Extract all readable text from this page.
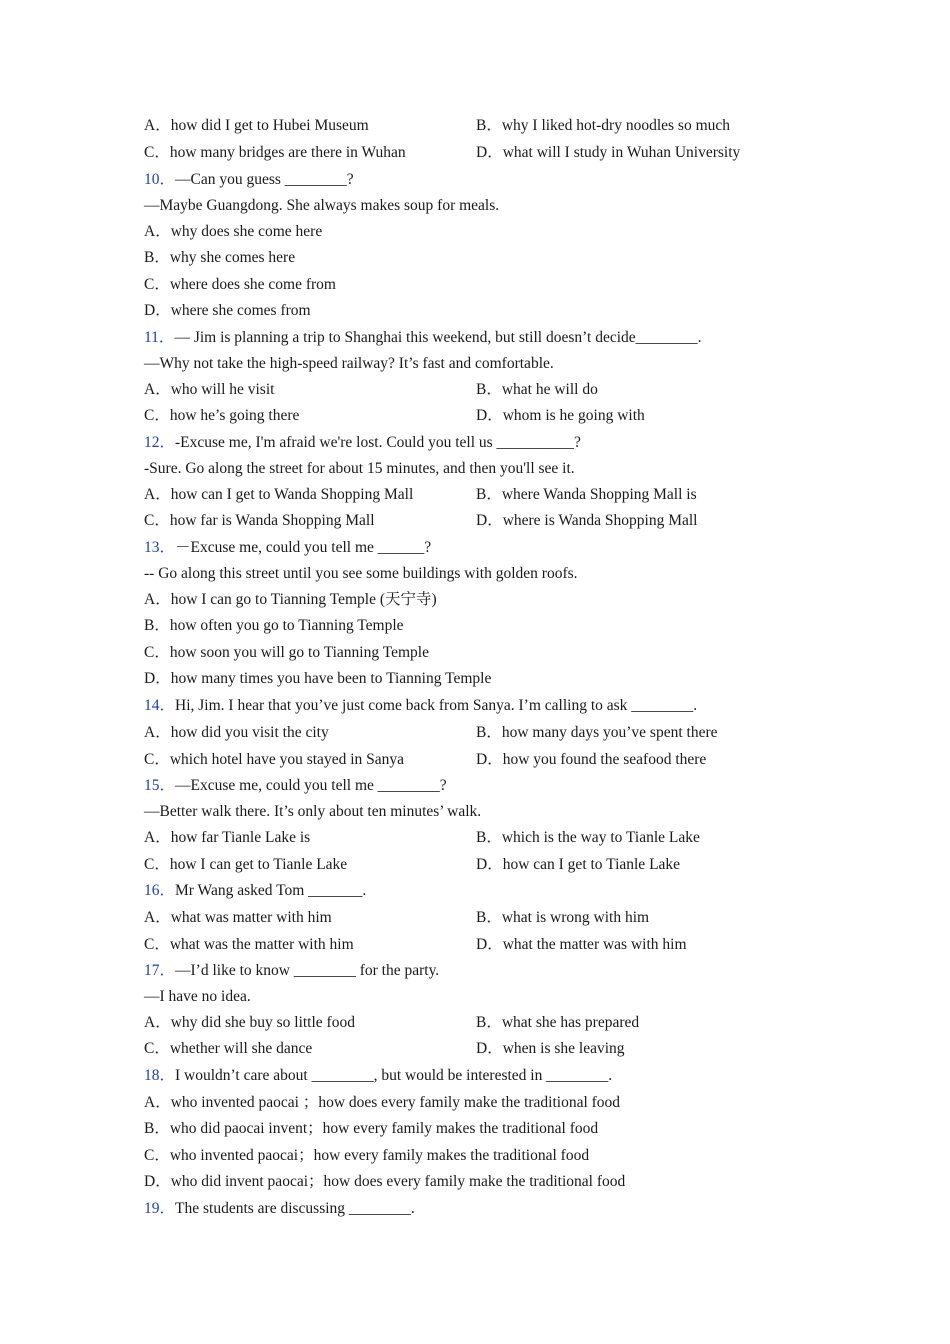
A．how did I get to Hubei Museum	B．why I liked hot-dry noodles so much
C．how many bridges are there in Wuhan	D．what will I study in Wuhan University
10．—Can you guess ________?
—Maybe Guangdong. She always makes soup for meals.
A．why does she come here
B．why she comes here
C．where does she come from
D．where she comes from
11．— Jim is planning a trip to Shanghai this weekend, but still doesn’t decide________.
—Why not take the high-speed railway? It’s fast and comfortable.
A．who will he visit	B．what he will do
C．how he’s going there	D．whom is he going with
12．-Excuse me, I'm afraid we're lost. Could you tell us __________?
-Sure. Go along the street for about 15 minutes, and then you'll see it.
A．how can I get to Wanda Shopping Mall	B．where Wanda Shopping Mall is
C．how far is Wanda Shopping Mall	D．where is Wanda Shopping Mall
13．－Excuse me, could you tell me ______?
-- Go along this street until you see some buildings with golden roofs.
A．how I can go to Tianning Temple (天宁寺)
B．how often you go to Tianning Temple
C．how soon you will go to Tianning Temple
D．how many times you have been to Tianning Temple
14．Hi, Jim. I hear that you’ve just come back from Sanya. I’m calling to ask ________.
A．how did you visit the city	B．how many days you’ve spent there
C．which hotel have you stayed in Sanya	D．how you found the seafood there
15．—Excuse me, could you tell me ________?
—Better walk there. It’s only about ten minutes’ walk.
A．how far Tianle Lake is	B．which is the way to Tianle Lake
C．how I can get to Tianle Lake	D．how can I get to Tianle Lake
16．Mr Wang asked Tom _______.
A．what was matter with him	B．what is wrong with him
C．what was the matter with him	D．what the matter was with him
17．—I’d like to know ________ for the party.
—I have no idea.
A．why did she buy so little food	B．what she has prepared
C．whether will she dance	D．when is she leaving
18．I wouldn’t care about ________, but would be interested in ________.
A．who invented paocai ；how does every family make the traditional food
B．who did paocai invent；how every family makes the traditional food
C．who invented paocai；how every family makes the traditional food
D．who did invent paocai；how does every family make the traditional food
19．The students are discussing ________.
